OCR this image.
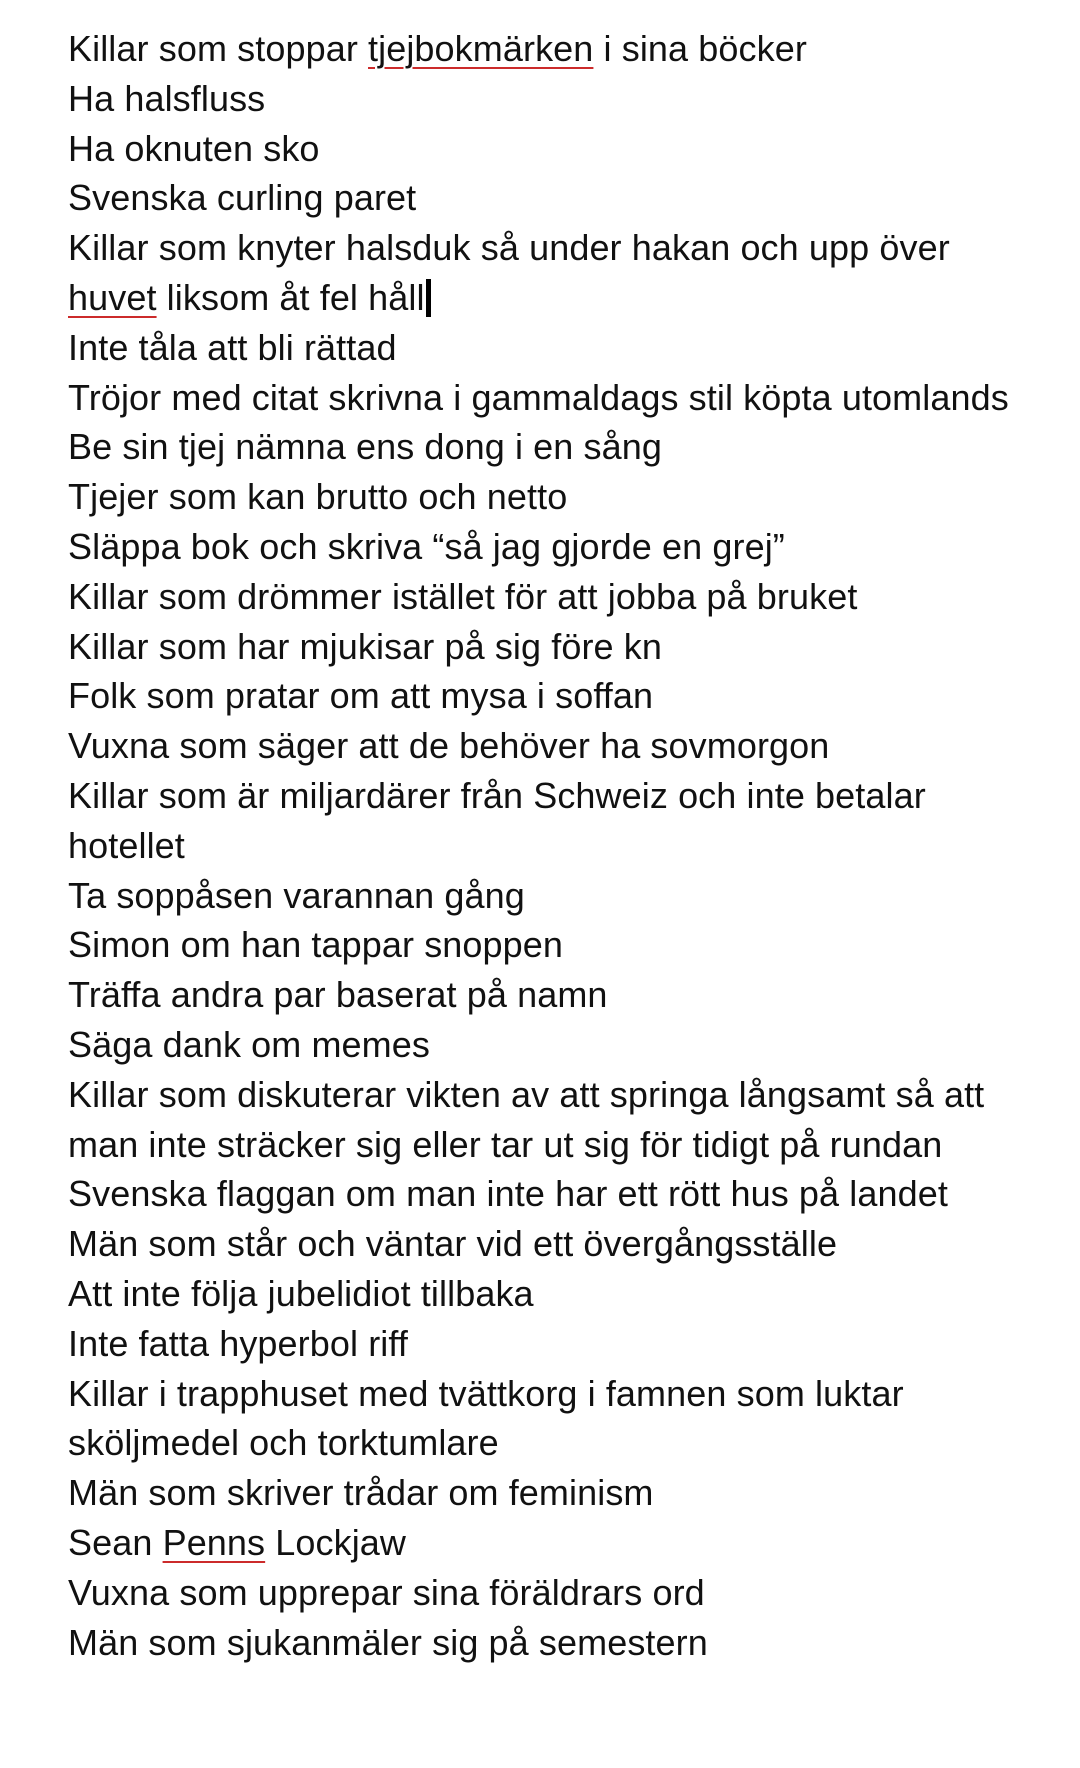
Killar som stoppar tjejbokmärken i sina böcker
Ha halsfluss
Ha oknuten sko
Svenska curling paret
Killar som knyter halsduk så under hakan och upp över huvet liksom åt fel håll
Inte tåla att bli rättad
Tröjor med citat skrivna i gammaldags stil köpta utomlands
Be sin tjej nämna ens dong i en sång
Tjejer som kan brutto och netto
Släppa bok och skriva “så jag gjorde en grej”
Killar som drömmer istället för att jobba på bruket
Killar som har mjukisar på sig före kn
Folk som pratar om att mysa i soffan
Vuxna som säger att de behöver ha sovmorgon
Killar som är miljardärer från Schweiz och inte betalar hotellet
Ta soppåsen varannan gång
Simon om han tappar snoppen
Träffa andra par baserat på namn
Säga dank om memes
Killar som diskuterar vikten av att springa långsamt så att man inte sträcker sig eller tar ut sig för tidigt på rundan
Svenska flaggan om man inte har ett rött hus på landet
Män som står och väntar vid ett övergångsställe
Att inte följa jubelidiot tillbaka
Inte fatta hyperbol riff
Killar i trapphuset med tvättkorg i famnen som luktar sköljmedel och torktumlare
Män som skriver trådar om feminism
Sean Penns Lockjaw
Vuxna som upprepar sina föräldrars ord
Män som sjukanmäler sig på semestern
